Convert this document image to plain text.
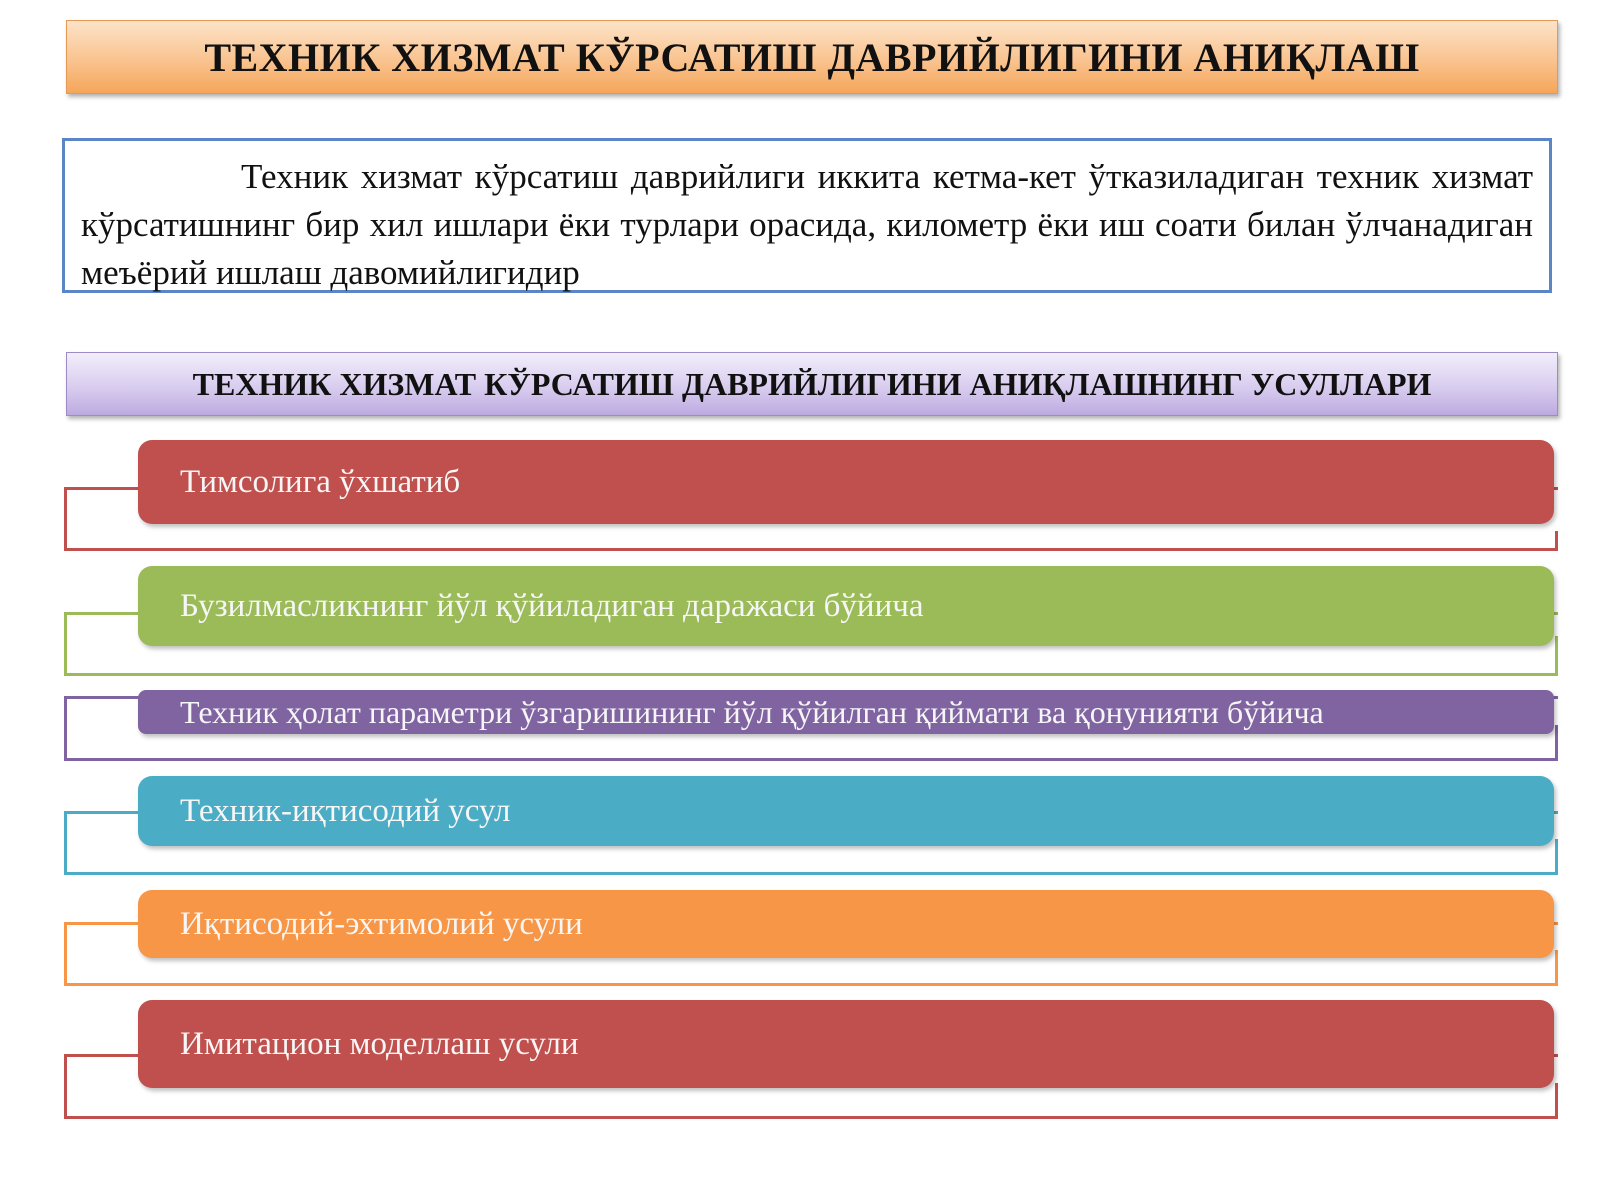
ТЕХНИК ХИЗМАТ КЎРСАТИШ ДАВРИЙЛИГИНИ АНИҚЛАШ
Техник хизмат кўрсатиш даврийлиги иккита кетма-кет ўтказиладиган техник хизмат кўрсатишнинг бир хил ишлари ёки турлари орасида, километр ёки иш соати билан ўлчанадиган меъёрий ишлаш давомийлигидир
ТЕХНИК ХИЗМАТ КЎРСАТИШ ДАВРИЙЛИГИНИ АНИҚЛАШНИНГ УСУЛЛАРИ
Тимсолига ўхшатиб
Бузилмасликнинг йўл қўйиладиган даражаси бўйича
Техник ҳолат параметри ўзгаришининг йўл қўйилган қиймати ва қонунияти бўйича
Техник-иқтисодий усул
Иқтисодий-эхтимолий усули
Имитацион моделлаш усули
